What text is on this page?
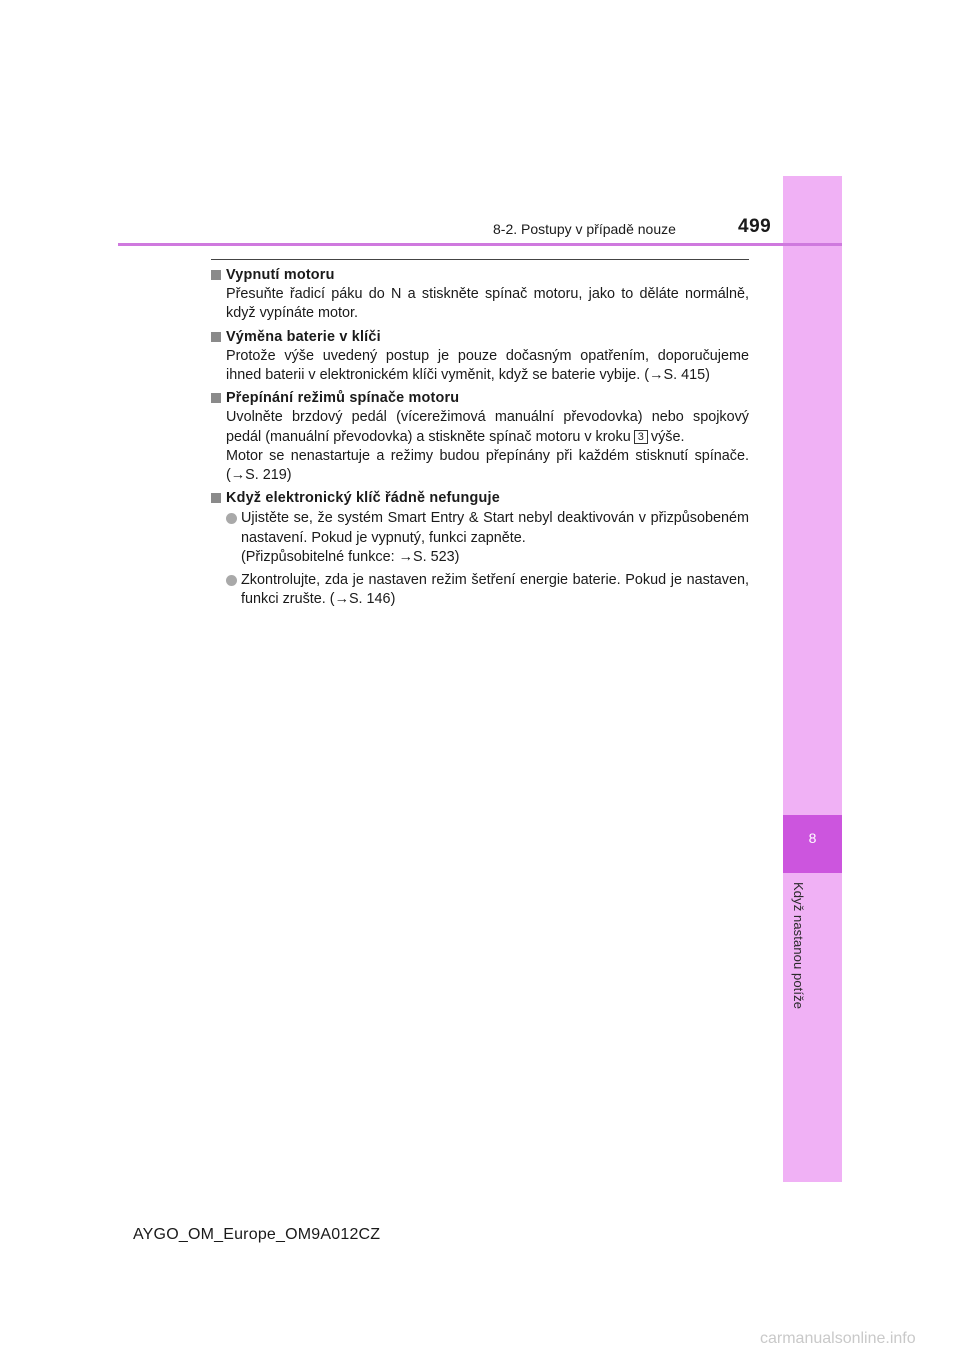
8
Když nastanou potíže
8-2. Postupy v případě nouze	499
Vypnutí motoru
Přesuňte řadicí páku do N a stiskněte spínač motoru, jako to děláte normálně, když vypínáte motor.
Výměna baterie v klíči
Protože výše uvedený postup je pouze dočasným opatřením, doporučujeme ihned baterii v elektronickém klíči vyměnit, když se baterie vybije. (→S. 415)
Přepínání režimů spínače motoru
Uvolněte brzdový pedál (vícerežimová manuální převodovka) nebo spojkový pedál (manuální převodovka) a stiskněte spínač motoru v kroku 3 výše.
Motor se nenastartuje a režimy budou přepínány při každém stisknutí spínače. (→S. 219)
Když elektronický klíč řádně nefunguje
Ujistěte se, že systém Smart Entry & Start nebyl deaktivován v přizpůsobeném nastavení. Pokud je vypnutý, funkci zapněte.
(Přizpůsobitelné funkce: →S. 523)
Zkontrolujte, zda je nastaven režim šetření energie baterie. Pokud je nastaven, funkci zrušte. (→S. 146)
AYGO_OM_Europe_OM9A012CZ
carmanualsonline.info
